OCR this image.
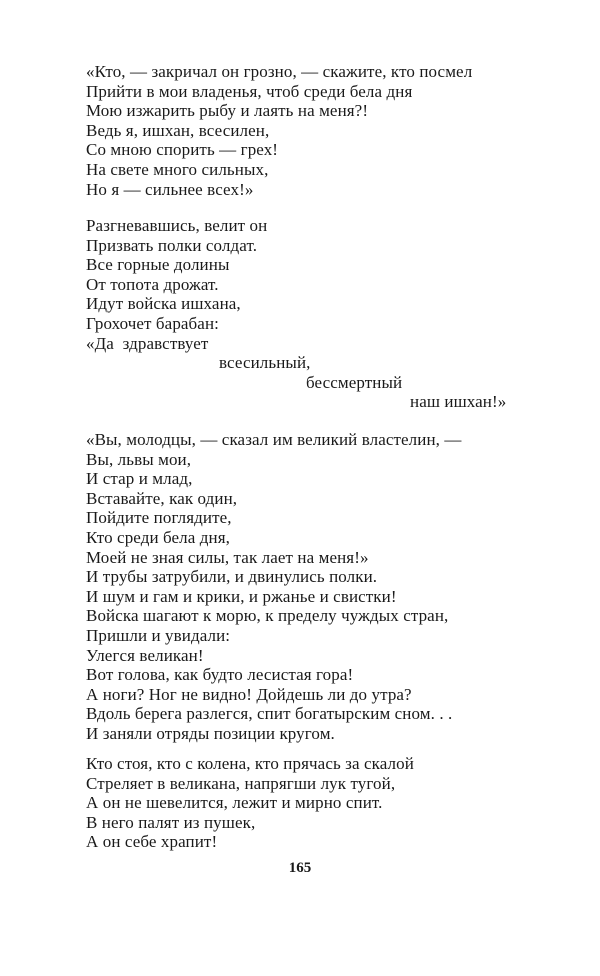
«Кто, — закричал он грозно, — скажите, кто посмел
Прийти в мои владенья, чтоб среди бела дня
Мою изжарить рыбу и лаять на меня?!
Ведь я, ишхан, всесилен,
Со мною спорить — грех!
На свете много сильных,
Но я — сильнее всех!»
Разгневавшись, велит он
Призвать полки солдат.
Все горные долины
От топота дрожат.
Идут войска ишхана,
Грохочет барабан:
«Да  здравствует
всесильный,
бессмертный
наш ишхан!»
«Вы, молодцы, — сказал им великий властелин, —
Вы, львы мои,
И стар и млад,
Вставайте, как один,
Пойдите поглядите,
Кто среди бела дня,
Моей не зная силы, так лает на меня!»
И трубы затрубили, и двинулись полки.
И шум и гам и крики, и ржанье и свистки!
Войска шагают к морю, к пределу чуждых стран,
Пришли и увидали:
Улегся великан!
Вот голова, как будто лесистая гора!
А ноги? Ног не видно! Дойдешь ли до утра?
Вдоль берега разлегся, спит богатырским сном. . .
И заняли отряды позиции кругом.
Кто стоя, кто с колена, кто прячась за скалой
Стреляет в великана, напрягши лук тугой,
А он не шевелится, лежит и мирно спит.
В него палят из пушек,
А он себе храпит!
165
